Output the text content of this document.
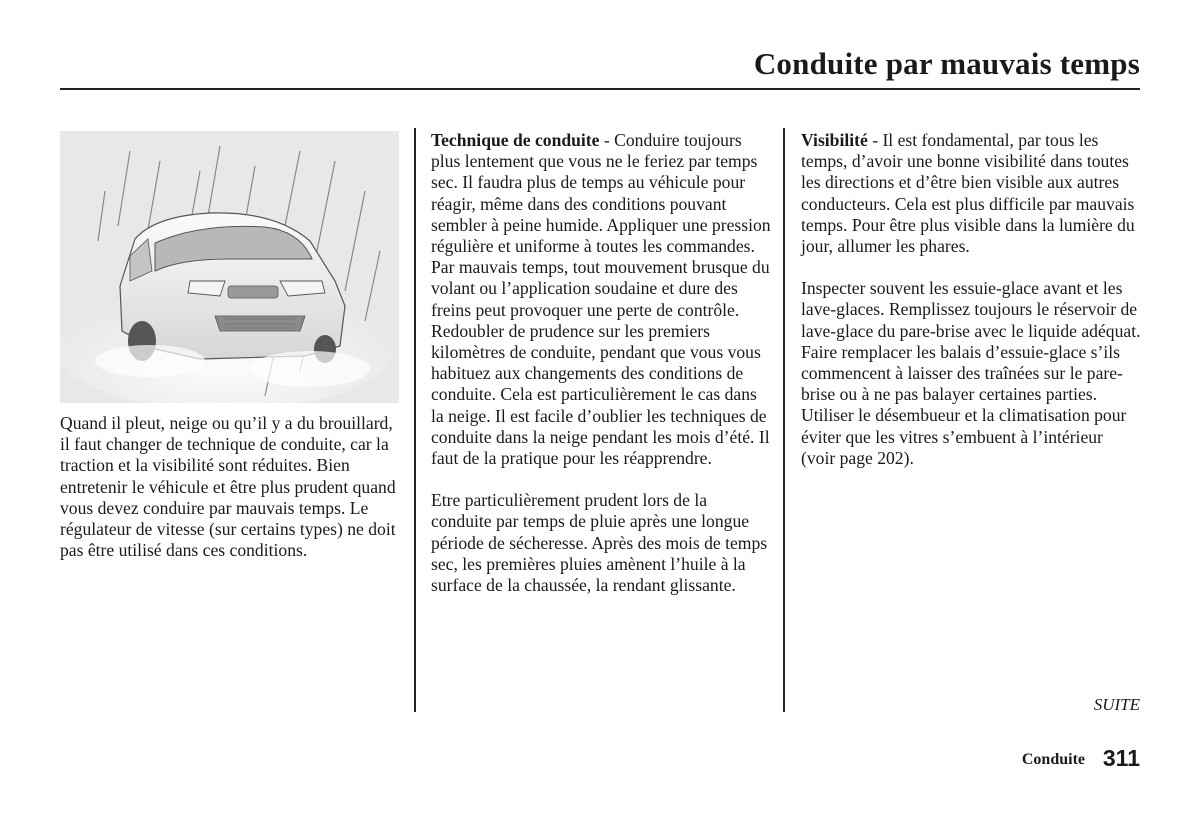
Conduite par mauvais temps

Quand il pleut, neige ou qu’il y a du brouillard, il faut changer de technique de conduite, car la traction et la visibilité sont réduites. Bien entretenir le véhicule et être plus prudent quand vous devez conduire par mauvais temps. Le régulateur de vitesse (sur certains types) ne doit pas être utilisé dans ces conditions.

Technique de conduite - Conduire toujours plus lentement que vous ne le feriez par temps sec. Il faudra plus de temps au véhicule pour réagir, même dans des conditions pouvant sembler à peine humide. Appliquer une pression régulière et uniforme à toutes les commandes. Par mauvais temps, tout mouvement brusque du volant ou l’application soudaine et dure des freins peut provoquer une perte de contrôle. Redoubler de prudence sur les premiers kilomètres de conduite, pendant que vous vous habituez aux changements des conditions de conduite. Cela est particulièrement le cas dans la neige. Il est facile d’oublier les techniques de conduite dans la neige pendant les mois d’été. Il faut de la pratique pour les réapprendre.

Etre particulièrement prudent lors de la conduite par temps de pluie après une longue période de sécheresse. Après des mois de temps sec, les premières pluies amènent l’huile à la surface de la chaussée, la rendant glissante.

Visibilité - Il est fondamental, par tous les temps, d’avoir une bonne visibilité dans toutes les directions et d’être bien visible aux autres conducteurs. Cela est plus difficile par mauvais temps. Pour être plus visible dans la lumière du jour, allumer les phares.

Inspecter souvent les essuie-glace avant et les lave-glaces. Remplissez toujours le réservoir de lave-glace du pare-brise avec le liquide adéquat. Faire remplacer les balais d’essuie-glace s’ils commencent à laisser des traînées sur le pare-brise ou à ne pas balayer certaines parties. Utiliser le désembueur et la climatisation pour éviter que les vitres s’embuent à l’intérieur (voir page 202).

SUITE
Conduite 311
